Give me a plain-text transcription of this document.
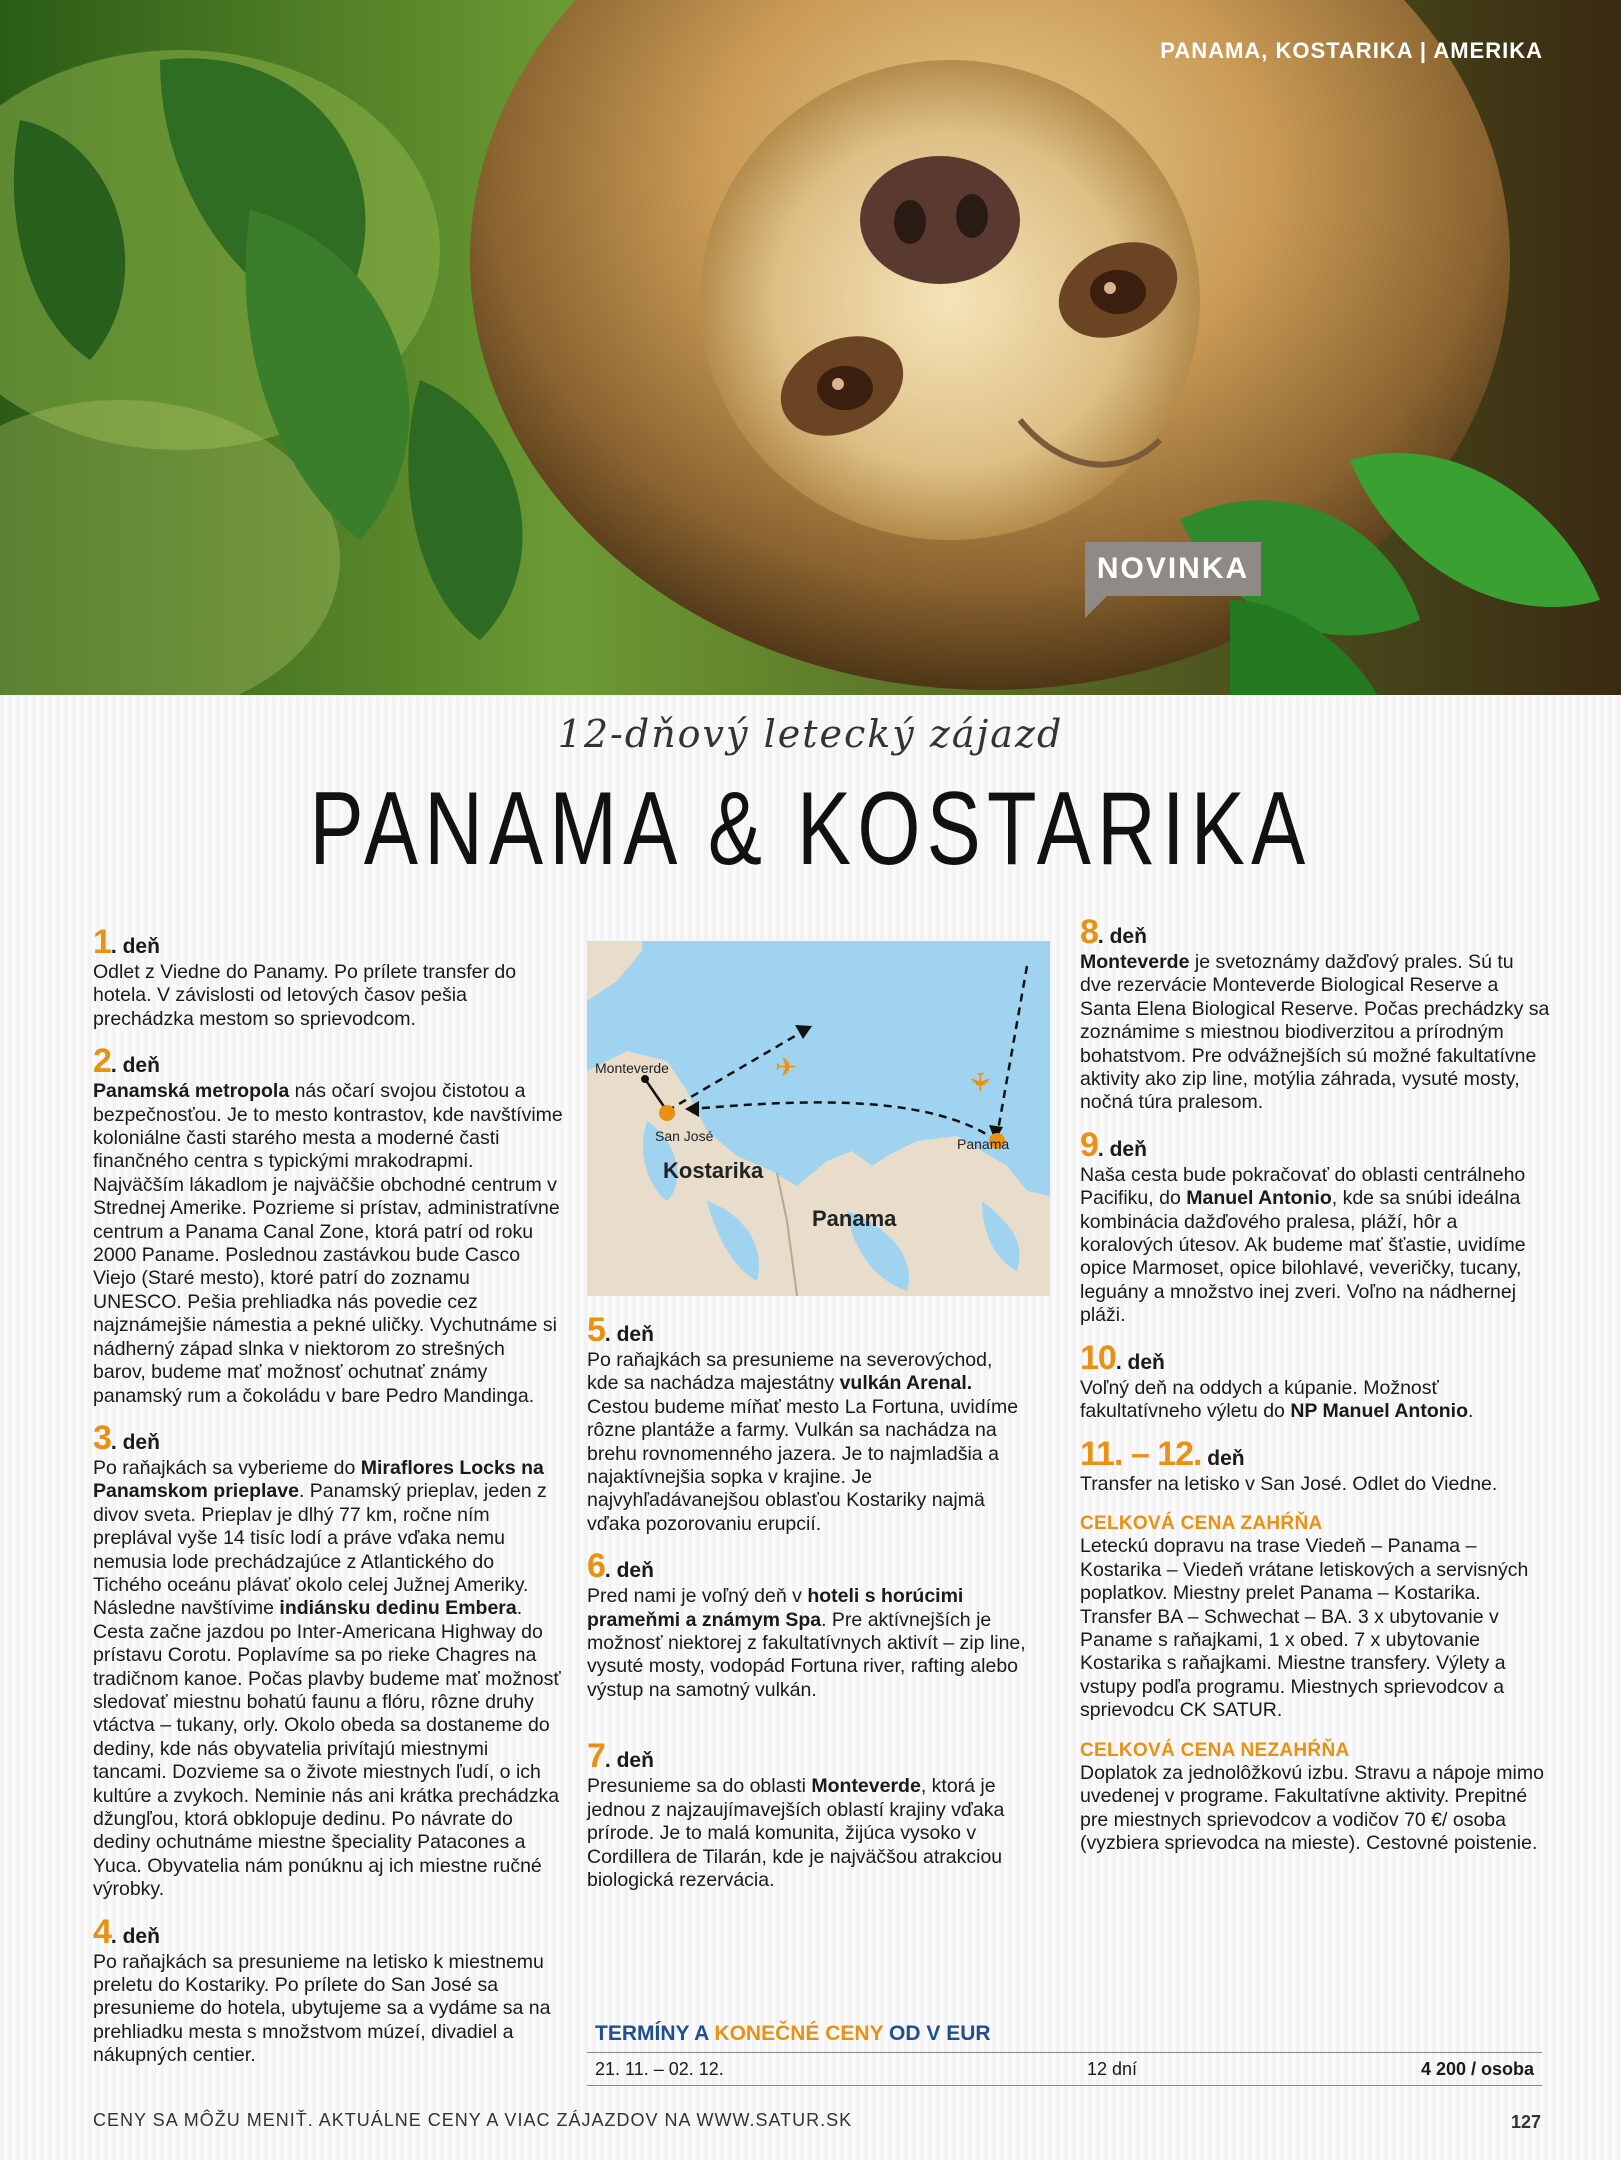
PANAMA, KOSTARIKA | AMERIKA
NOVINKA
12-dňový letecký zájazd
PANAMA & KOSTARIKA
1. deň

Odlet z Viedne do Panamy. Po prílete transfer do hotela. V závislosti od letových časov pešia prechádzka mestom so sprievodcom.

2. deň

Panamská metropola nás očarí svojou čistotou a bezpečnosťou. Je to mesto kontrastov, kde navštívime koloniálne časti starého mesta a moderné časti finančného centra s typickými mrakodrapmi. Najväčším lákadlom je najväčšie obchodné centrum v Strednej Amerike. Pozrieme si prístav, administratívne centrum a Panama Canal Zone, ktorá patrí od roku 2000 Paname. Poslednou zastávkou bude Casco Viejo (Staré mesto), ktoré patrí do zoznamu UNESCO. Pešia prehliadka nás povedie cez najznámejšie námestia a pekné uličky. Vychutnáme si nádherný západ slnka v niektorom zo strešných barov, budeme mať možnosť ochutnať známy panamský rum a čokoládu v bare Pedro Mandinga.

3. deň

Po raňajkách sa vyberieme do Miraflores Locks na Panamskom prieplave. Panamský prieplav, jeden z divov sveta. Prieplav je dlhý 77 km, ročne ním preplával vyše 14 tisíc lodí a práve vďaka nemu nemusia lode prechádzajúce z Atlantického do Tichého oceánu plávať okolo celej Južnej Ameriky. Následne navštívime indiánsku dedinu Embera. Cesta začne jazdou po Inter-Americana Highway do prístavu Corotu. Poplavíme sa po rieke Chagres na tradičnom kanoe. Počas plavby budeme mať možnosť sledovať miestnu bohatú faunu a flóru, rôzne druhy vtáctva – tukany, orly. Okolo obeda sa dostaneme do dediny, kde nás obyvatelia privítajú miestnymi tancami. Dozvieme sa o živote miestnych ľudí, o ich kultúre a zvykoch. Neminie nás ani krátka prechádzka džungľou, ktorá obklopuje dedinu. Po návrate do dediny ochutnáme miestne špeciality Patacones a Yuca. Obyvatelia nám ponúknu aj ich miestne ručné výrobky.

4. deň

Po raňajkách sa presunieme na letisko k miestnemu preletu do Kostariky. Po prílete do San José sa presunieme do hotela, ubytujeme sa a vydáme sa na prehliadku mesta s množstvom múzeí, divadiel a nákupných centier.

✈	✈
Monteverde
San José
Kostarika
Panama
Panama
5. deň

Po raňajkách sa presunieme na severovýchod, kde sa nachádza majestátny vulkán Arenal. Cestou budeme míňať mesto La Fortuna, uvidíme rôzne plantáže a farmy. Vulkán sa nachádza na brehu rovnomenného jazera. Je to najmladšia a najaktívnejšia sopka v krajine. Je najvyhľadávanejšou oblasťou Kostariky najmä vďaka pozorovaniu erupcií.

6. deň

Pred nami je voľný deň v hoteli s horúcimi prameňmi a známym Spa. Pre aktívnejších je možnosť niektorej z fakultatívnych aktivít – zip line, vysuté mosty, vodopád Fortuna river, rafting alebo výstup na samotný vulkán.

7. deň

Presunieme sa do oblasti Monteverde, ktorá je jednou z najzaujímavejších oblastí krajiny vďaka prírode. Je to malá komunita, žijúca vysoko v Cordillera de Tilarán, kde je najväčšou atrakciou biologická rezervácia.

8. deň

Monteverde je svetoznámy dažďový prales. Sú tu dve rezervácie Monteverde Biological Reserve a Santa Elena Biological Reserve. Počas prechádzky sa zoznámime s miestnou biodiverzitou a prírodným bohatstvom. Pre odvážnejších sú možné fakultatívne aktivity ako zip line, motýlia záhrada, vysuté mosty, nočná túra pralesom.

9. deň

Naša cesta bude pokračovať do oblasti centrálneho Pacifiku, do Manuel Antonio, kde sa snúbi ideálna kombinácia dažďového pralesa, pláží, hôr a koralových útesov. Ak budeme mať šťastie, uvidíme opice Marmoset, opice bilohlavé, veveričky, tucany, leguány a množstvo inej zveri. Voľno na nádhernej pláži.

10. deň

Voľný deň na oddych a kúpanie. Možnosť fakultatívneho výletu do NP Manuel Antonio.

11. – 12. deň

Transfer na letisko v San José. Odlet do Viedne.

CELKOVÁ CENA ZAHŔŇA

Leteckú dopravu na trase Viedeň – Panama – Kostarika – Viedeň vrátane letiskových a servisných poplatkov. Miestny prelet Panama – Kostarika. Transfer BA – Schwechat – BA. 3 x ubytovanie v Paname s raňajkami, 1 x obed. 7 x ubytovanie Kostarika s raňajkami. Miestne transfery. Výlety a vstupy podľa programu. Miestnych sprievodcov a sprievodcu CK SATUR.

CELKOVÁ CENA NEZAHŔŇA

Doplatok za jednolôžkovú izbu. Stravu a nápoje mimo uvedenej v programe. Fakultatívne aktivity. Prepitné pre miestnych sprievodcov a vodičov 70 €/ osoba (vyzbiera sprievodca na mieste). Cestovné poistenie.

TERMÍNY A KONEČNÉ CENY OD V EUR
21. 11. – 02. 12.	12 dní	4 200 / osoba
CENY SA MÔŽU MENIŤ. AKTUÁLNE CENY A VIAC ZÁJAZDOV NA WWW.SATUR.SK	127
